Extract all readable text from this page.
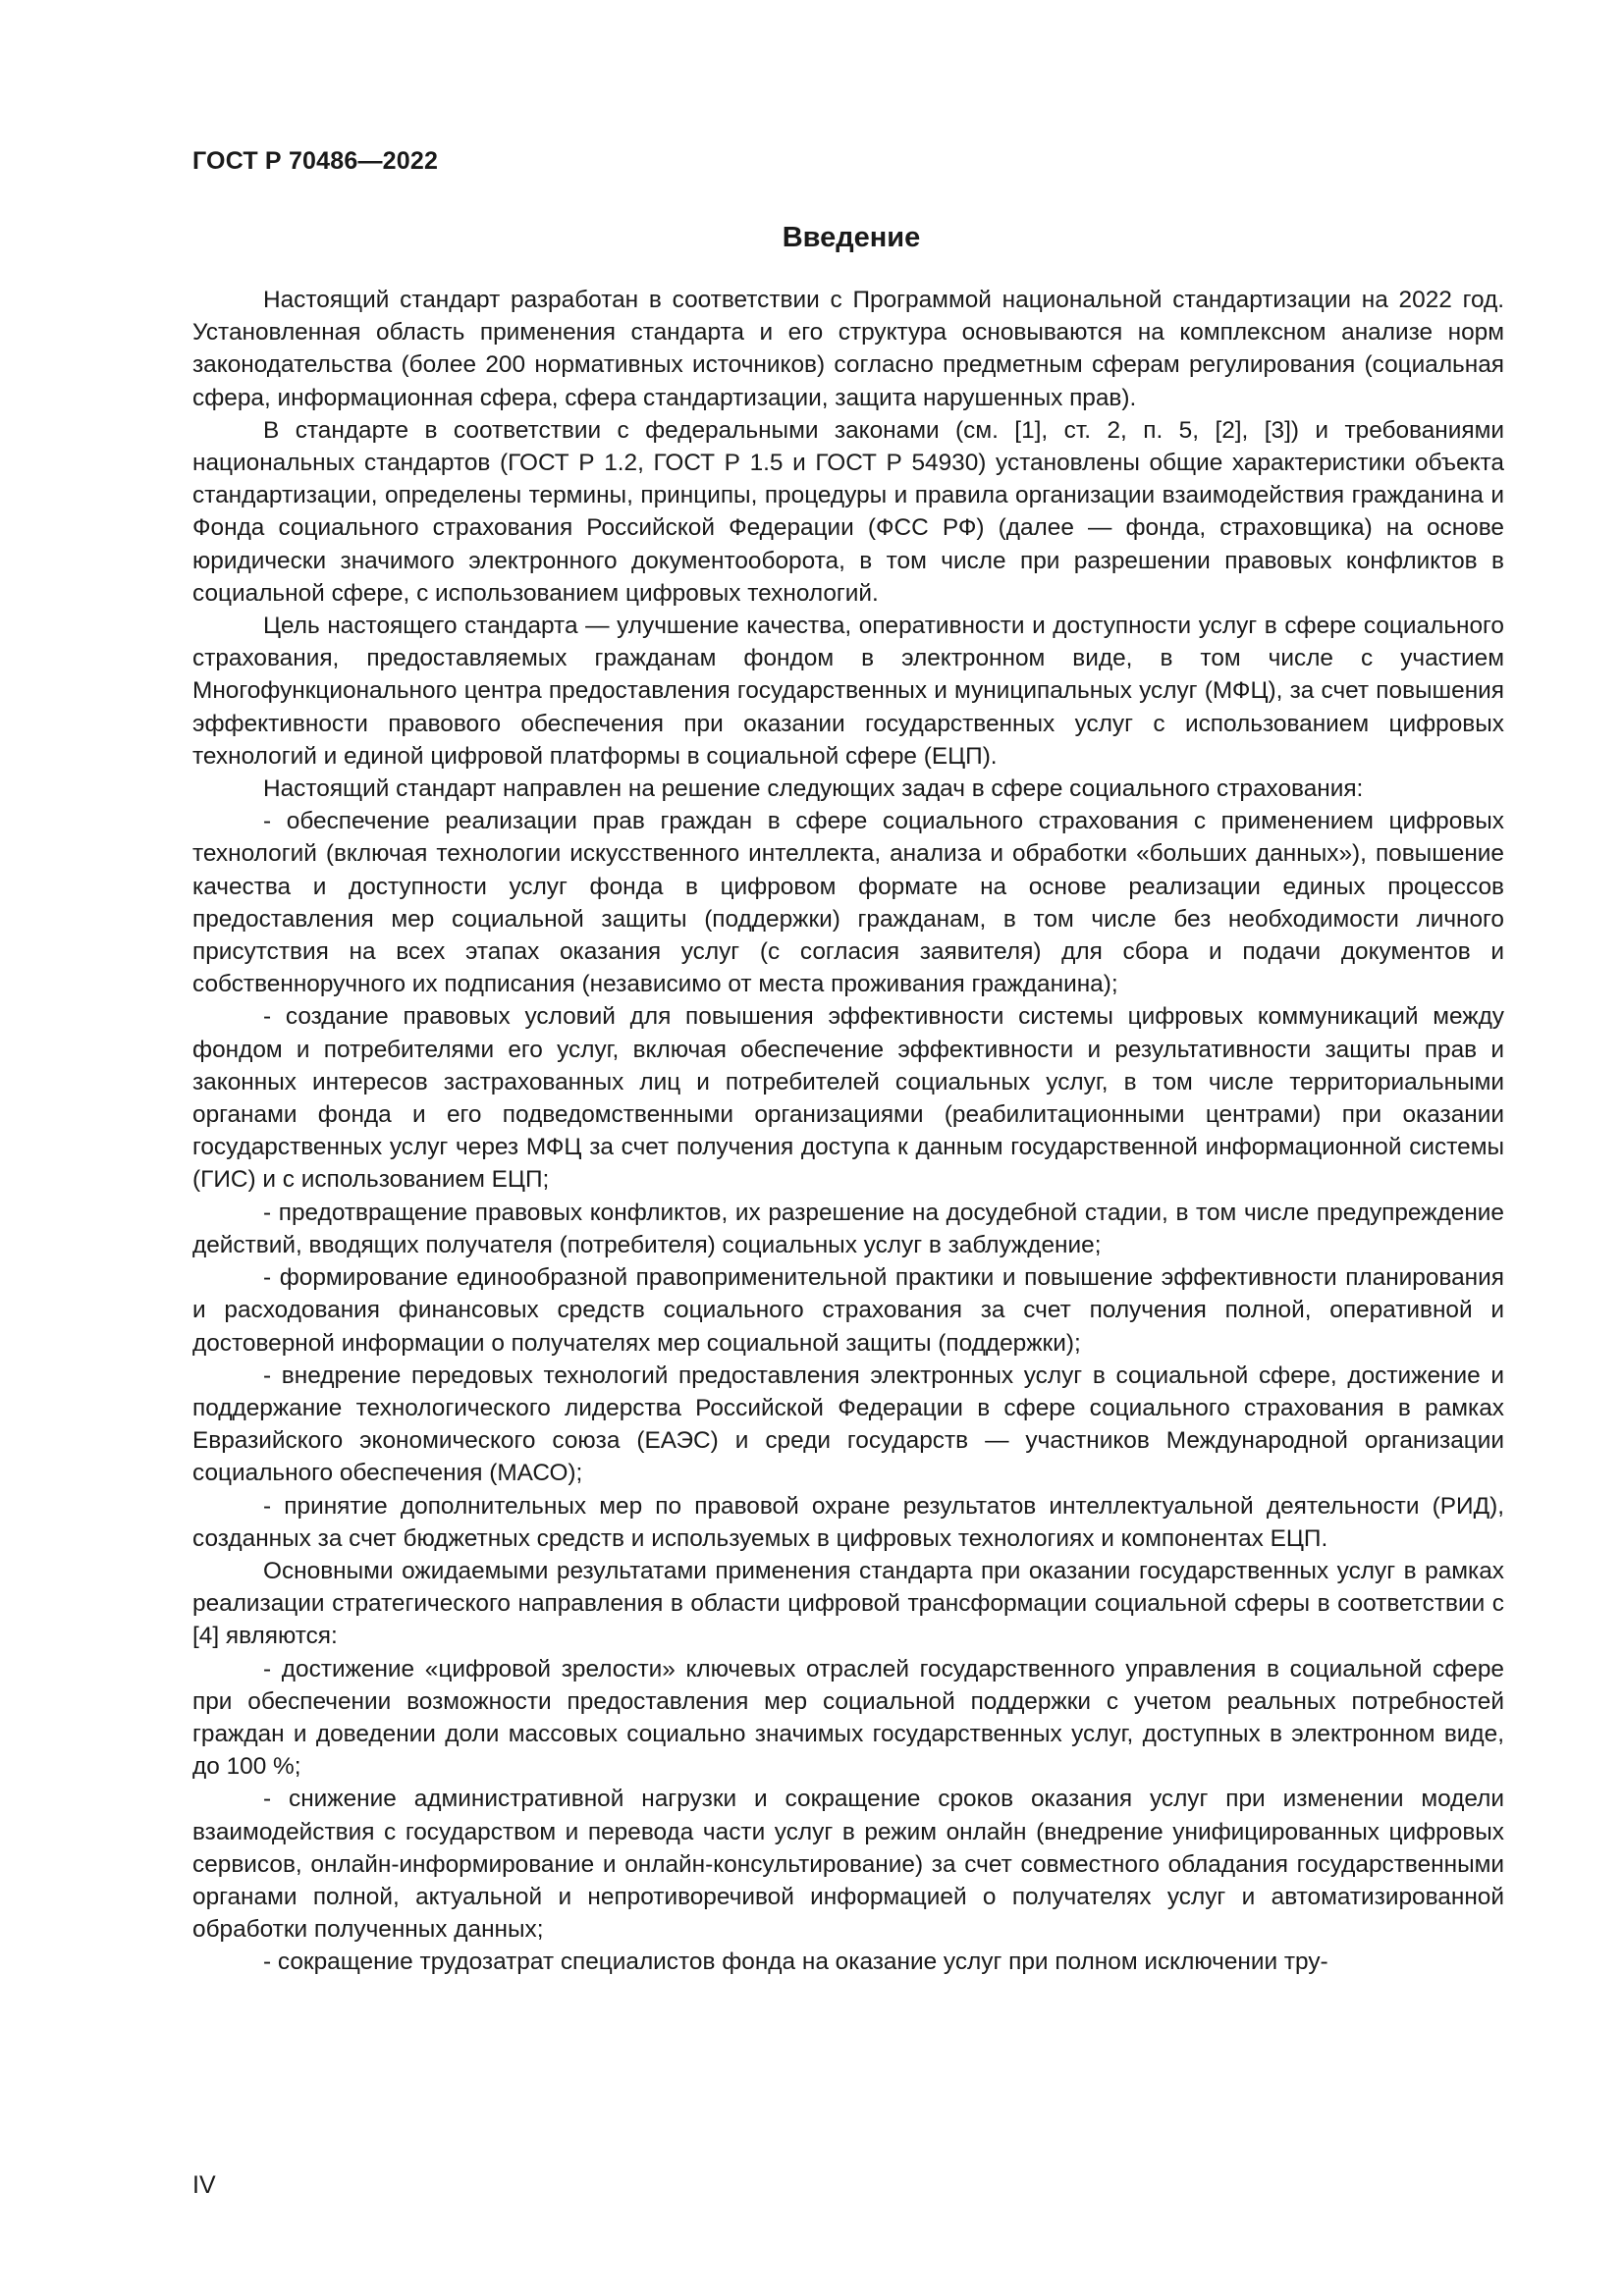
ГОСТ Р 70486—2022
Введение

Настоящий стандарт разработан в соответствии с Программой национальной стандартизации на 2022 год. Установленная область применения стандарта и его структура основываются на комплексном анализе норм законодательства (более 200 нормативных источников) согласно предметным сферам регулирования (социальная сфера, информационная сфера, сфера стандартизации, защита нарушенных прав).

В стандарте в соответствии с федеральными законами (см. [1], ст. 2, п. 5, [2], [3]) и требованиями национальных стандартов (ГОСТ Р 1.2, ГОСТ Р 1.5 и ГОСТ Р 54930) установлены общие характеристики объекта стандартизации, определены термины, принципы, процедуры и правила организации взаимодействия гражданина и Фонда социального страхования Российской Федерации (ФСС РФ) (далее — фонда, страховщика) на основе юридически значимого электронного документооборота, в том числе при разрешении правовых конфликтов в социальной сфере, с использованием цифровых технологий.

Цель настоящего стандарта — улучшение качества, оперативности и доступности услуг в сфере социального страхования, предоставляемых гражданам фондом в электронном виде, в том числе с участием Многофункционального центра предоставления государственных и муниципальных услуг (МФЦ), за счет повышения эффективности правового обеспечения при оказании государственных услуг с использованием цифровых технологий и единой цифровой платформы в социальной сфере (ЕЦП).

Настоящий стандарт направлен на решение следующих задач в сфере социального страхования:

- обеспечение реализации прав граждан в сфере социального страхования с применением цифровых технологий (включая технологии искусственного интеллекта, анализа и обработки «больших данных»), повышение качества и доступности услуг фонда в цифровом формате на основе реализации единых процессов предоставления мер социальной защиты (поддержки) гражданам, в том числе без необходимости личного присутствия на всех этапах оказания услуг (с согласия заявителя) для сбора и подачи документов и собственноручного их подписания (независимо от места проживания гражданина);

- создание правовых условий для повышения эффективности системы цифровых коммуникаций между фондом и потребителями его услуг, включая обеспечение эффективности и результативности защиты прав и законных интересов застрахованных лиц и потребителей социальных услуг, в том числе территориальными органами фонда и его подведомственными организациями (реабилитационными центрами) при оказании государственных услуг через МФЦ за счет получения доступа к данным государственной информационной системы (ГИС) и с использованием ЕЦП;

- предотвращение правовых конфликтов, их разрешение на досудебной стадии, в том числе предупреждение действий, вводящих получателя (потребителя) социальных услуг в заблуждение;

- формирование единообразной правоприменительной практики и повышение эффективности планирования и расходования финансовых средств социального страхования за счет получения полной, оперативной и достоверной информации о получателях мер социальной защиты (поддержки);

- внедрение передовых технологий предоставления электронных услуг в социальной сфере, достижение и поддержание технологического лидерства Российской Федерации в сфере социального страхования в рамках Евразийского экономического союза (ЕАЭС) и среди государств — участников Международной организации социального обеспечения (МАСО);

- принятие дополнительных мер по правовой охране результатов интеллектуальной деятельности (РИД), созданных за счет бюджетных средств и используемых в цифровых технологиях и компонентах ЕЦП.

Основными ожидаемыми результатами применения стандарта при оказании государственных услуг в рамках реализации стратегического направления в области цифровой трансформации социальной сферы в соответствии с [4] являются:

- достижение «цифровой зрелости» ключевых отраслей государственного управления в социальной сфере при обеспечении возможности предоставления мер социальной поддержки с учетом реальных потребностей граждан и доведении доли массовых социально значимых государственных услуг, доступных в электронном виде, до 100 %;

- снижение административной нагрузки и сокращение сроков оказания услуг при изменении модели взаимодействия с государством и перевода части услуг в режим онлайн (внедрение унифицированных цифровых сервисов, онлайн-информирование и онлайн-консультирование) за счет совместного обладания государственными органами полной, актуальной и непротиворечивой информацией о получателях услуг и автоматизированной обработки полученных данных;

- сокращение трудозатрат специалистов фонда на оказание услуг при полном исключении тру-

IV
